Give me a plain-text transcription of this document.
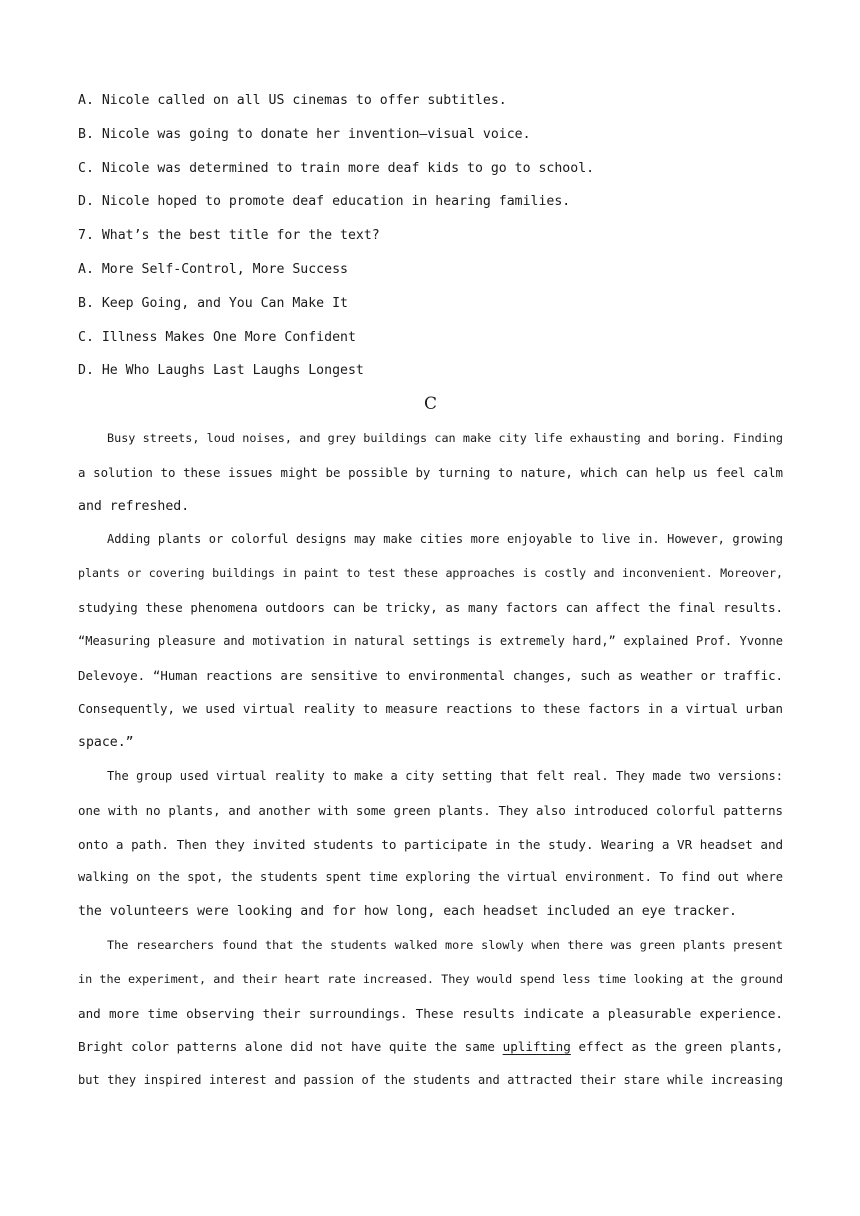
A. Nicole called on all US cinemas to offer subtitles.
B. Nicole was going to donate her invention—visual voice.
C. Nicole was determined to train more deaf kids to go to school.
D. Nicole hoped to promote deaf education in hearing families.
7. What’s the best title for the text?
A. More Self-Control, More Success
B. Keep Going, and You Can Make It
C. Illness Makes One More Confident
D. He Who Laughs Last Laughs Longest
C
Busy streets, loud noises, and grey buildings can make city life exhausting and boring. Finding
a solution to these issues might be possible by turning to nature, which can help us feel calm
and refreshed.
Adding plants or colorful designs may make cities more enjoyable to live in. However, growing
plants or covering buildings in paint to test these approaches is costly and inconvenient. Moreover,
studying these phenomena outdoors can be tricky, as many factors can affect the final results.
“Measuring pleasure and motivation in natural settings is extremely hard,” explained Prof. Yvonne
Delevoye. “Human reactions are sensitive to environmental changes, such as weather or traffic.
Consequently, we used virtual reality to measure reactions to these factors in a virtual urban
space.”
The group used virtual reality to make a city setting that felt real. They made two versions:
one with no plants, and another with some green plants. They also introduced colorful patterns
onto a path. Then they invited students to participate in the study. Wearing a VR headset and
walking on the spot, the students spent time exploring the virtual environment. To find out where
the volunteers were looking and for how long, each headset included an eye tracker.
The researchers found that the students walked more slowly when there was green plants present
in the experiment, and their heart rate increased. They would spend less time looking at the ground
and more time observing their surroundings. These results indicate a pleasurable experience.
Bright color patterns alone did not have quite the same uplifting effect as the green plants,
but they inspired interest and passion of the students and attracted their stare while increasing
